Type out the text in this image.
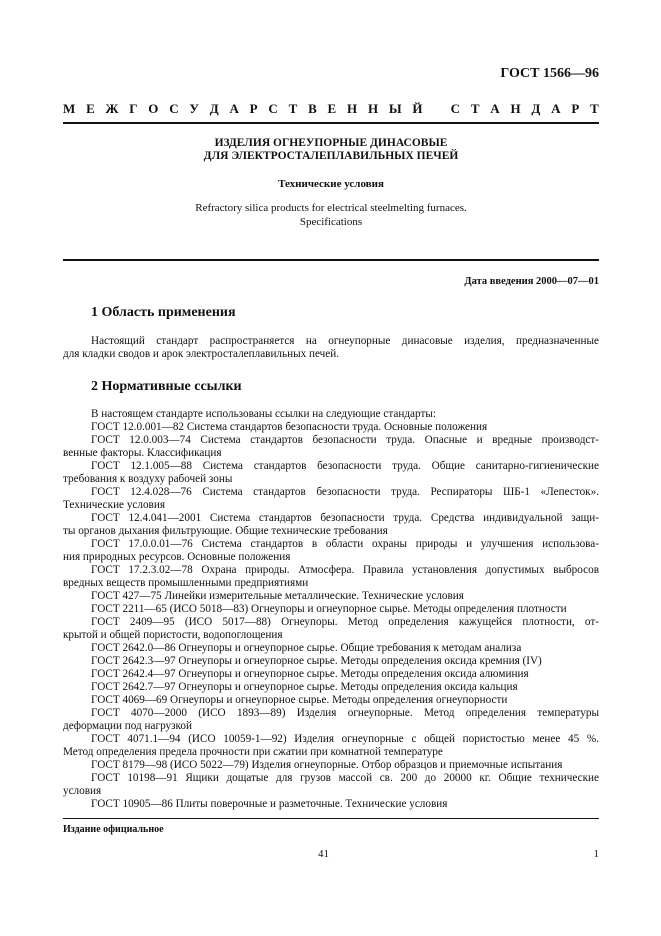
ГОСТ 1566—96
М Е Ж Г О С У Д А Р С Т В Е Н Н Ы Й
С Т А Н Д А Р Т
ИЗДЕЛИЯ ОГНЕУПОРНЫЕ ДИНАСОВЫЕ
ДЛЯ ЭЛЕКТРОСТАЛЕПЛАВИЛЬНЫХ ПЕЧЕЙ
Технические условия
Refractory silica products for electrical steelmelting furnaces.
Specifications
Дата введения 2000—07—01
1 Область применения
Настоящий стандарт распространяется на огнеупорные динасовые изделия, предназначенные
для кладки сводов и арок электросталеплавильных печей.
2 Нормативные ссылки
В настоящем стандарте использованы ссылки на следующие стандарты:
ГОСТ 12.0.001—82 Система стандартов безопасности труда. Основные положения
ГОСТ 12.0.003—74 Система стандартов безопасности труда. Опасные и вредные производст-
венные факторы. Классификация
ГОСТ 12.1.005—88 Система стандартов безопасности труда. Общие санитарно-гигиенические
требования к воздуху рабочей зоны
ГОСТ 12.4.028—76 Система стандартов безопасности труда. Респираторы ШБ-1 «Лепесток».
Технические условия
ГОСТ 12.4.041—2001 Система стандартов безопасности труда. Средства индивидуальной защи-
ты органов дыхания фильтрующие. Общие технические требования
ГОСТ 17.0.0.01—76 Система стандартов в области охраны природы и улучшения использова-
ния природных ресурсов. Основные положения
ГОСТ 17.2.3.02—78 Охрана природы. Атмосфера. Правила установления допустимых выбросов
вредных веществ промышленными предприятиями
ГОСТ 427—75 Линейки измерительные металлические. Технические условия
ГОСТ 2211—65 (ИСО 5018—83) Огнеупоры и огнеупорное сырье. Методы определения плотности
ГОСТ 2409—95 (ИСО 5017—88) Огнеупоры. Метод определения кажущейся плотности, от-
крытой и общей пористости, водопоглощения
ГОСТ 2642.0—86 Огнеупоры и огнеупорное сырье. Общие требования к методам анализа
ГОСТ 2642.3—97 Огнеупоры и огнеупорное сырье. Методы определения оксида кремния (IV)
ГОСТ 2642.4—97 Огнеупоры и огнеупорное сырье. Методы определения оксида алюминия
ГОСТ 2642.7—97 Огнеупоры и огнеупорное сырье. Методы определения оксида кальция
ГОСТ 4069—69 Огнеупоры и огнеупорное сырье. Методы определения огнеупорности
ГОСТ 4070—2000 (ИСО 1893—89) Изделия огнеупорные. Метод определения температуры
деформации под нагрузкой
ГОСТ 4071.1—94 (ИСО 10059-1—92) Изделия огнеупорные с общей пористостью менее 45 %.
Метод определения предела прочности при сжатии при комнатной температуре
ГОСТ 8179—98 (ИСО 5022—79) Изделия огнеупорные. Отбор образцов и приемочные испытания
ГОСТ 10198—91 Ящики дощатые для грузов массой св. 200 до 20000 кг. Общие технические
условия
ГОСТ 10905—86 Плиты поверочные и разметочные. Технические условия
Издание официальное
41	1
